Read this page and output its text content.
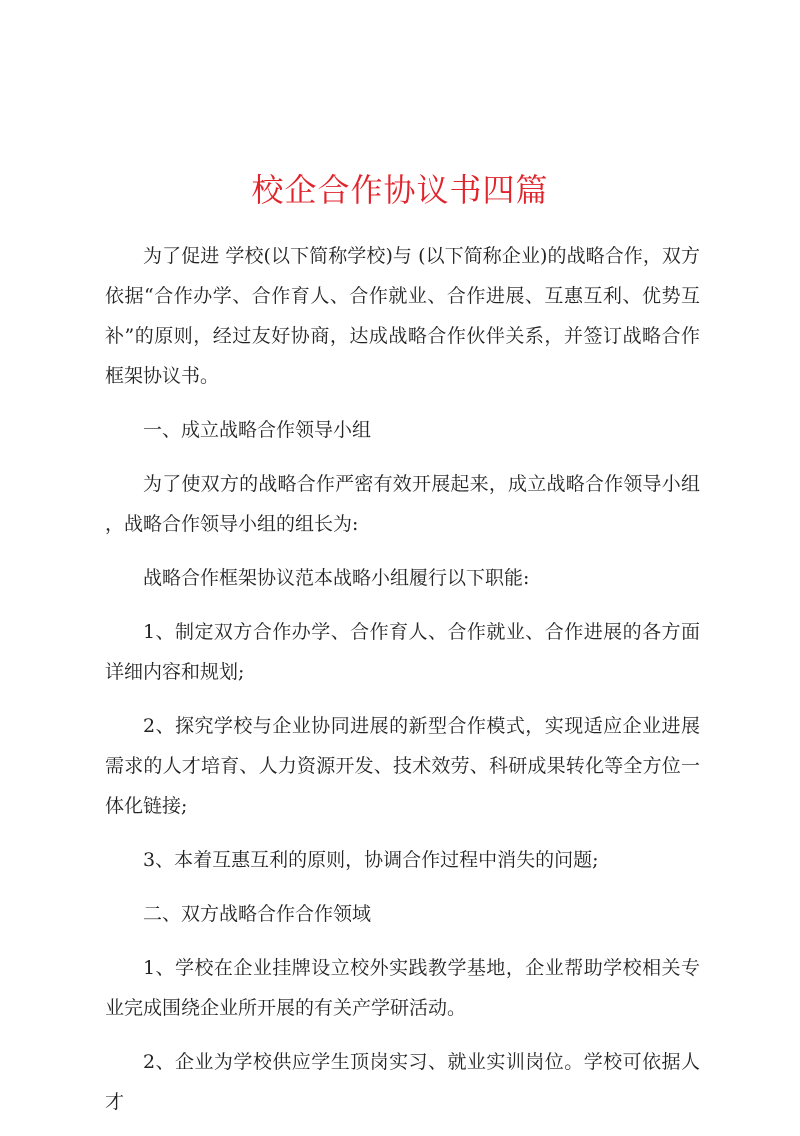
校企合作协议书四篇

为了促进 学校(以下简称学校)与 (以下简称企业)的战略合作，双方依据“合作办学、合作育人、合作就业、合作进展、互惠互利、优势互补”的原则，经过友好协商，达成战略合作伙伴关系，并签订战略合作框架协议书。

一、成立战略合作领导小组

为了使双方的战略合作严密有效开展起来，成立战略合作领导小组，战略合作领导小组的组长为:

战略合作框架协议范本战略小组履行以下职能:

1、制定双方合作办学、合作育人、合作就业、合作进展的各方面详细内容和规划;

2、探究学校与企业协同进展的新型合作模式，实现适应企业进展需求的人才培育、人力资源开发、技术效劳、科研成果转化等全方位一体化链接;

3、本着互惠互利的原则，协调合作过程中消失的问题;

二、双方战略合作合作领域

1、学校在企业挂牌设立校外实践教学基地，企业帮助学校相关专业完成围绕企业所开展的有关产学研活动。

2、企业为学校供应学生顶岗实习、就业实训岗位。学校可依据人才
